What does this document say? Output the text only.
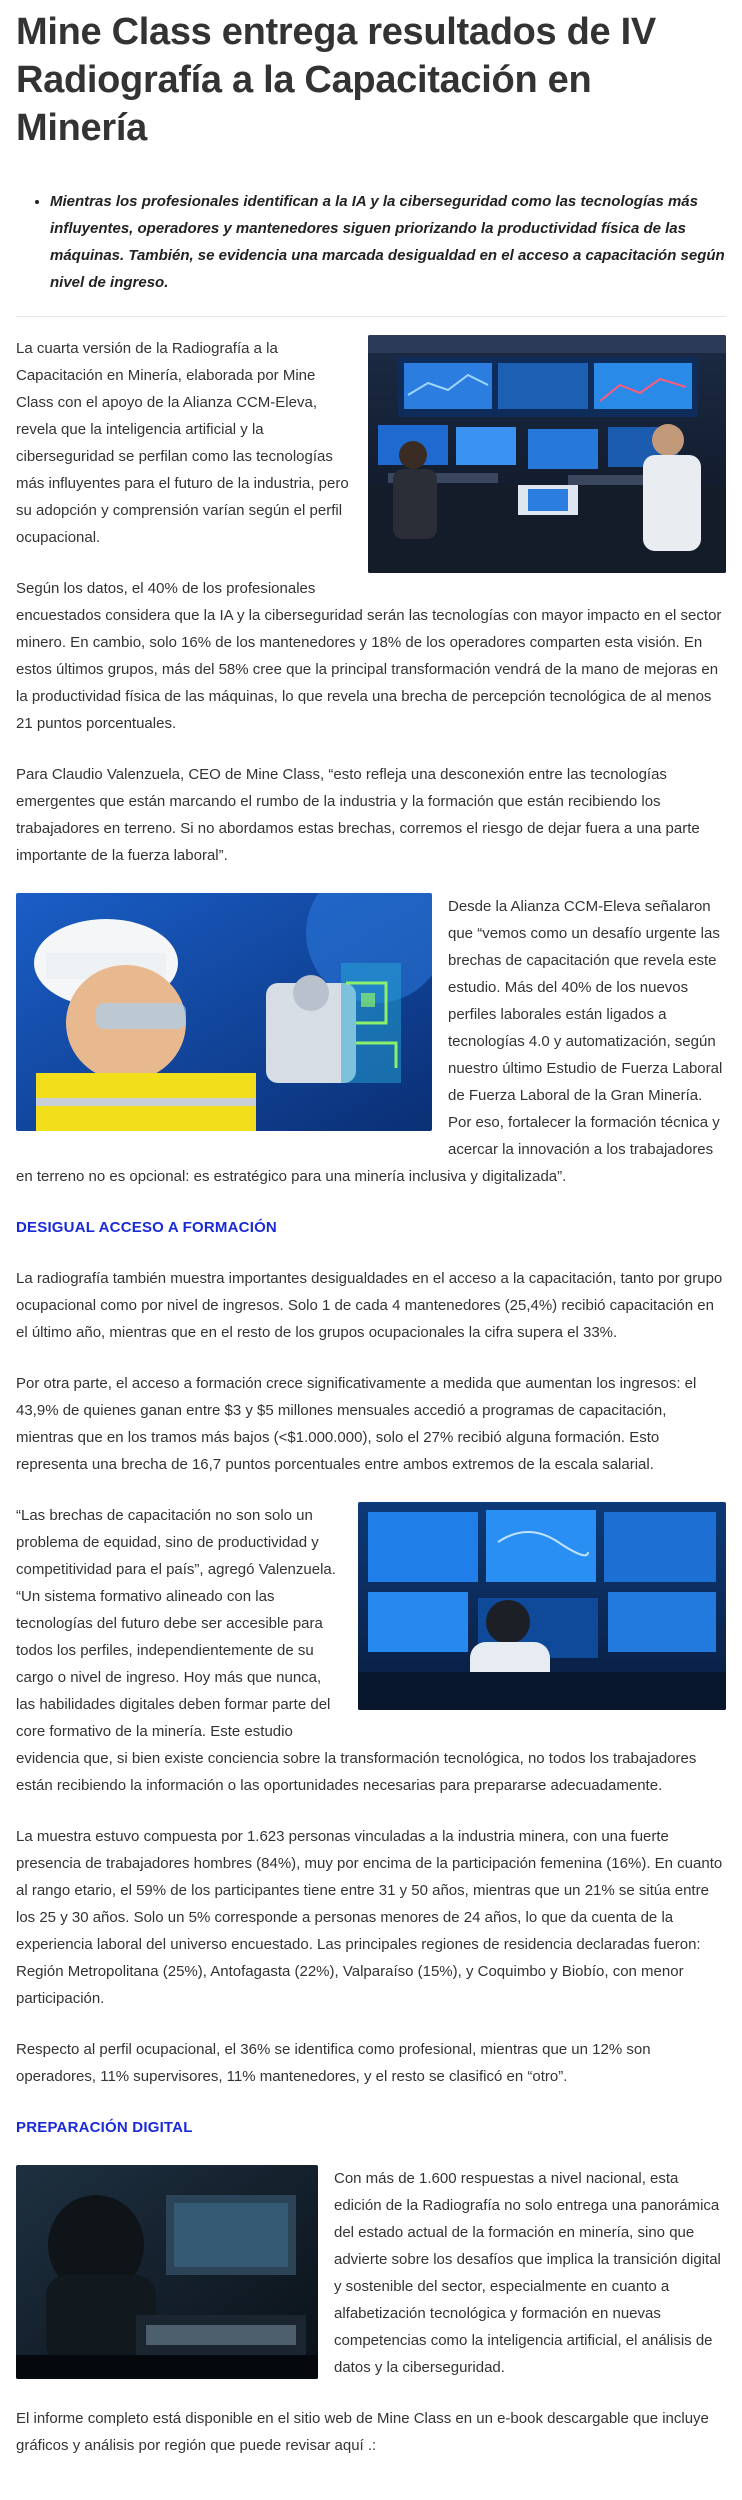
Mine Class entrega resultados de IV Radiografía a la Capacitación en Minería
• Mientras los profesionales identifican a la IA y la ciberseguridad como las tecnologías más influyentes, operadores y mantenedores siguen priorizando la productividad física de las máquinas. También, se evidencia una marcada desigualdad en el acceso a capacitación según nivel de ingreso.

La cuarta versión de la Radiografía a la Capacitación en Minería, elaborada por Mine Class con el apoyo de la Alianza CCM-Eleva, revela que la inteligencia artificial y la ciberseguridad se perfilan como las tecnologías más influyentes para el futuro de la industria, pero su adopción y comprensión varían según el perfil ocupacional.

Según los datos, el 40% de los profesionales encuestados considera que la IA y la ciberseguridad serán las tecnologías con mayor impacto en el sector minero. En cambio, solo 16% de los mantenedores y 18% de los operadores comparten esta visión. En estos últimos grupos, más del 58% cree que la principal transformación vendrá de la mano de mejoras en la productividad física de las máquinas, lo que revela una brecha de percepción tecnológica de al menos 21 puntos porcentuales.

Para Claudio Valenzuela, CEO de Mine Class, “esto refleja una desconexión entre las tecnologías emergentes que están marcando el rumbo de la industria y la formación que están recibiendo los trabajadores en terreno. Si no abordamos estas brechas, corremos el riesgo de dejar fuera a una parte importante de la fuerza laboral”.

Desde la Alianza CCM-Eleva señalaron que “vemos como un desafío urgente las brechas de capacitación que revela este estudio. Más del 40% de los nuevos perfiles laborales están ligados a tecnologías 4.0 y automatización, según nuestro último Estudio de Fuerza Laboral de Fuerza Laboral de la Gran Minería. Por eso, fortalecer la formación técnica y acercar la innovación a los trabajadores en terreno no es opcional: es estratégico para una minería inclusiva y digitalizada”.

DESIGUAL ACCESO A FORMACIÓN

La radiografía también muestra importantes desigualdades en el acceso a la capacitación, tanto por grupo ocupacional como por nivel de ingresos. Solo 1 de cada 4 mantenedores (25,4%) recibió capacitación en el último año, mientras que en el resto de los grupos ocupacionales la cifra supera el 33%.

Por otra parte, el acceso a formación crece significativamente a medida que aumentan los ingresos: el 43,9% de quienes ganan entre $3 y $5 millones mensuales accedió a programas de capacitación, mientras que en los tramos más bajos (<$1.000.000), solo el 27% recibió alguna formación. Esto representa una brecha de 16,7 puntos porcentuales entre ambos extremos de la escala salarial.

“Las brechas de capacitación no son solo un problema de equidad, sino de productividad y competitividad para el país”, agregó Valenzuela. “Un sistema formativo alineado con las tecnologías del futuro debe ser accesible para todos los perfiles, independientemente de su cargo o nivel de ingreso. Hoy más que nunca, las habilidades digitales deben formar parte del core formativo de la minería. Este estudio evidencia que, si bien existe conciencia sobre la transformación tecnológica, no todos los trabajadores están recibiendo la información o las oportunidades necesarias para prepararse adecuadamente.

La muestra estuvo compuesta por 1.623 personas vinculadas a la industria minera, con una fuerte presencia de trabajadores hombres (84%), muy por encima de la participación femenina (16%). En cuanto al rango etario, el 59% de los participantes tiene entre 31 y 50 años, mientras que un 21% se sitúa entre los 25 y 30 años. Solo un 5% corresponde a personas menores de 24 años, lo que da cuenta de la experiencia laboral del universo encuestado. Las principales regiones de residencia declaradas fueron: Región Metropolitana (25%), Antofagasta (22%), Valparaíso (15%), y Coquimbo y Biobío, con menor participación.

Respecto al perfil ocupacional, el 36% se identifica como profesional, mientras que un 12% son operadores, 11% supervisores, 11% mantenedores, y el resto se clasificó en “otro”.

PREPARACIÓN DIGITAL

Con más de 1.600 respuestas a nivel nacional, esta edición de la Radiografía no solo entrega una panorámica del estado actual de la formación en minería, sino que advierte sobre los desafíos que implica la transición digital y sostenible del sector, especialmente en cuanto a alfabetización tecnológica y formación en nuevas competencias como la inteligencia artificial, el análisis de datos y la ciberseguridad.

El informe completo está disponible en el sitio web de Mine Class en un e-book descargable que incluye gráficos y análisis por región que puede revisar aquí .:
